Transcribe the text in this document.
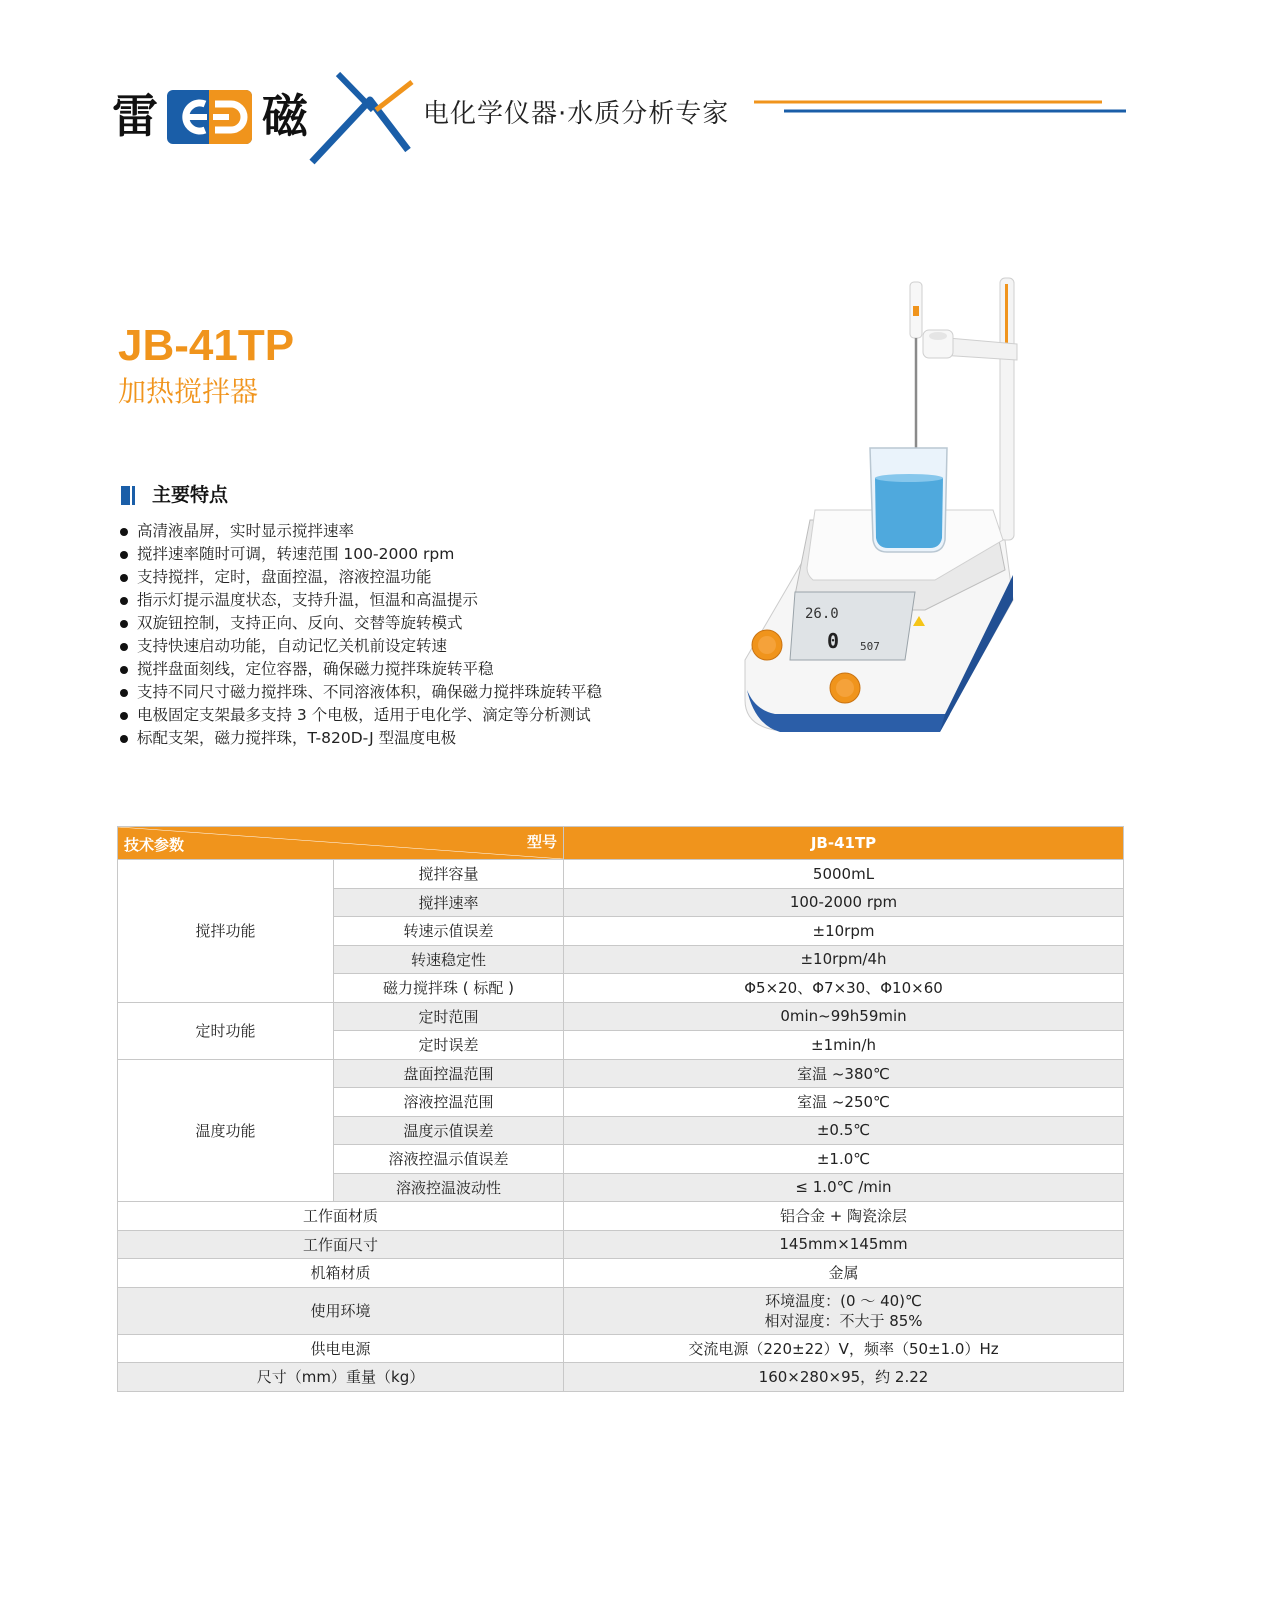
雷 磁	电化学仪器·水质分析专家
JB-41TP
加热搅拌器
主要特点
高清液晶屏，实时显示搅拌速率
搅拌速率随时可调，转速范围 100-2000 rpm
支持搅拌，定时，盘面控温，溶液控温功能
指示灯提示温度状态，支持升温，恒温和高温提示
双旋钮控制，支持正向、反向、交替等旋转模式
支持快速启动功能，自动记忆关机前设定转速
搅拌盘面刻线，定位容器，确保磁力搅拌珠旋转平稳
支持不同尺寸磁力搅拌珠、不同溶液体积，确保磁力搅拌珠旋转平稳
电极固定支架最多支持 3 个电极，适用于电化学、滴定等分析测试
标配支架，磁力搅拌珠，T-820D-J 型温度电极
26.0
0 507
技术参数 型号		JB-41TP
搅拌功能	搅拌容量	5000mL
	搅拌速率	100-2000 rpm
	转速示值误差	±10rpm
	转速稳定性	±10rpm/4h
	磁力搅拌珠 ( 标配 )	Φ5×20、Φ7×30、Φ10×60
定时功能	定时范围	0min~99h59min
	定时误差	±1min/h
温度功能	盘面控温范围	室温 ~380℃
	溶液控温范围	室温 ~250℃
	温度示值误差	±0.5℃
	溶液控温示值误差	±1.0℃
	溶液控温波动性	≤ 1.0℃ /min
工作面材质		铝合金 + 陶瓷涂层
工作面尺寸		145mm×145mm
机箱材质		金属
使用环境		环境温度：(0 ～ 40)℃
相对湿度：不大于 85%

供电电源		交流电源（220±22）V，频率（50±1.0）Hz
尺寸（mm）重量（kg）		160×280×95，约 2.22
